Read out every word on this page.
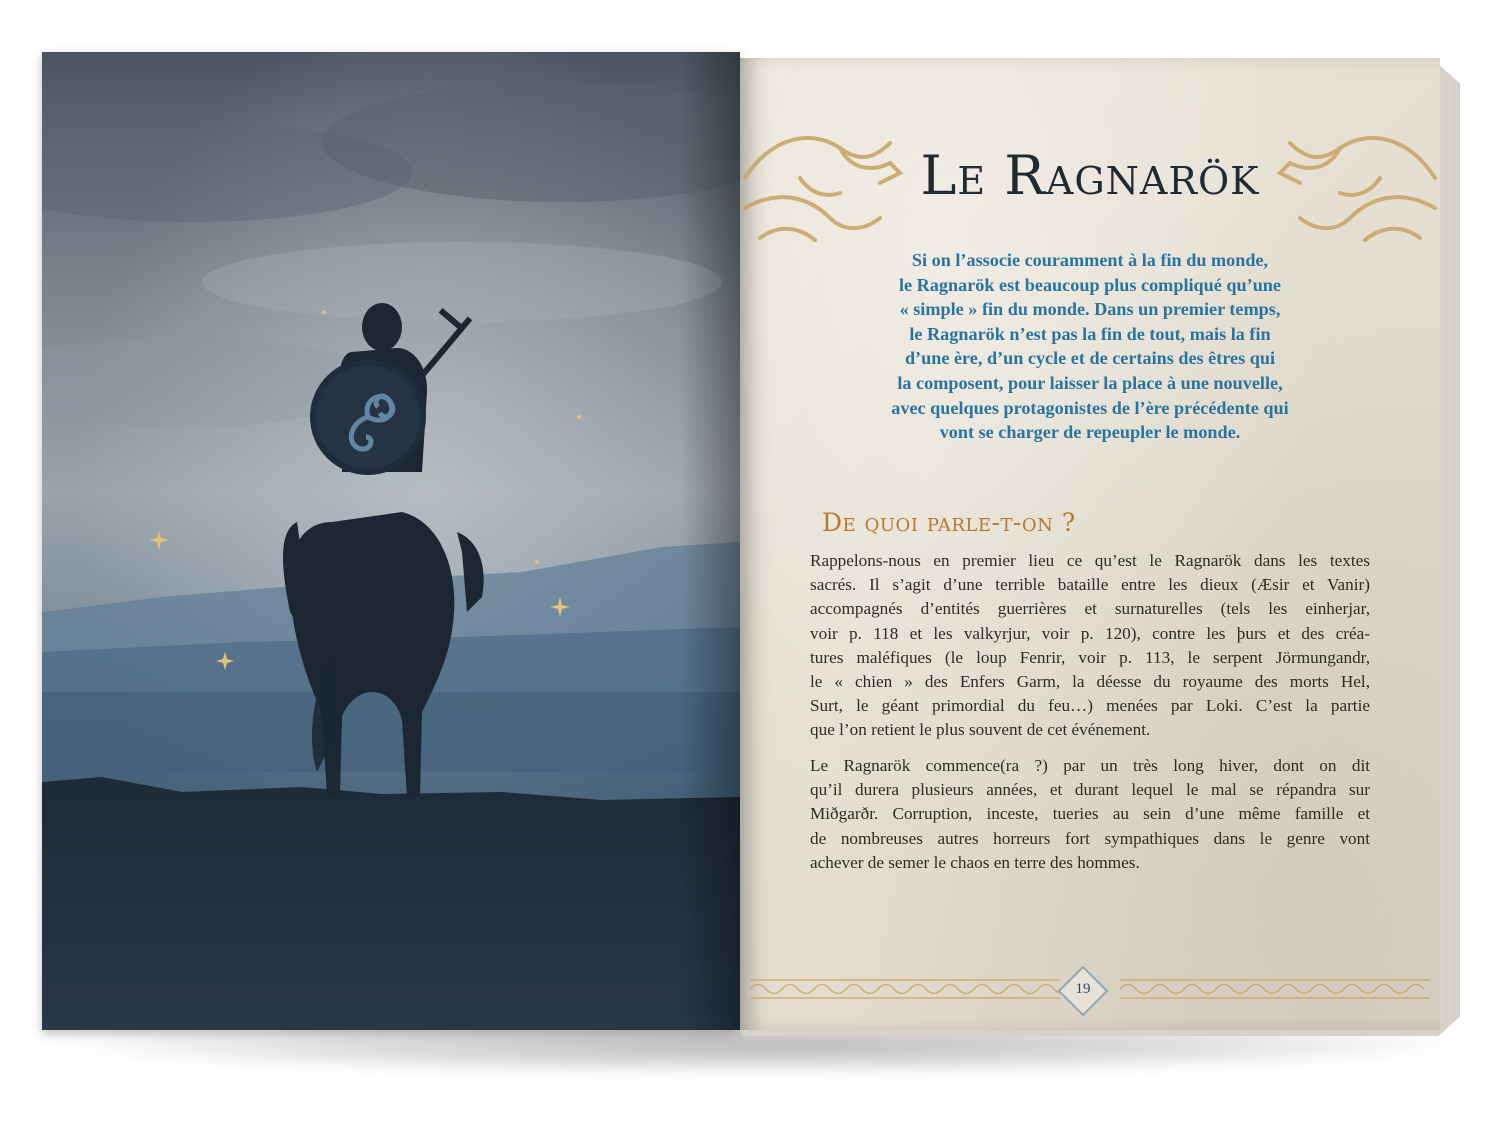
Le Ragnarök
Si on l’associe couramment à la fin du monde,
le Ragnarök est beaucoup plus compliqué qu’une
« simple » fin du monde. Dans un premier temps,
le Ragnarök n’est pas la fin de tout, mais la fin
d’une ère, d’un cycle et de certains des êtres qui
la composent, pour laisser la place à une nouvelle,
avec quelques protagonistes de l’ère précédente qui
vont se charger de repeupler le monde.
De quoi parle-t-on ?
Rappelons-nous en premier lieu ce qu’est le Ragnarök dans les textes
sacrés. Il s’agit d’une terrible bataille entre les dieux (Æsir et Vanir)
accompagnés d’entités guerrières et surnaturelles (tels les einherjar,
voir p. 118 et les valkyrjur, voir p. 120), contre les þurs et des créa-
tures maléfiques (le loup Fenrir, voir p. 113, le serpent Jörmungandr,
le « chien » des Enfers Garm, la déesse du royaume des morts Hel,
Surt, le géant primordial du feu…) menées par Loki. C’est la partie
que l’on retient le plus souvent de cet événement.
Le Ragnarök commence(ra ?) par un très long hiver, dont on dit
qu’il durera plusieurs années, et durant lequel le mal se répandra sur
Miðgarðr. Corruption, inceste, tueries au sein d’une même famille et
de nombreuses autres horreurs fort sympathiques dans le genre vont
achever de semer le chaos en terre des hommes.
19
